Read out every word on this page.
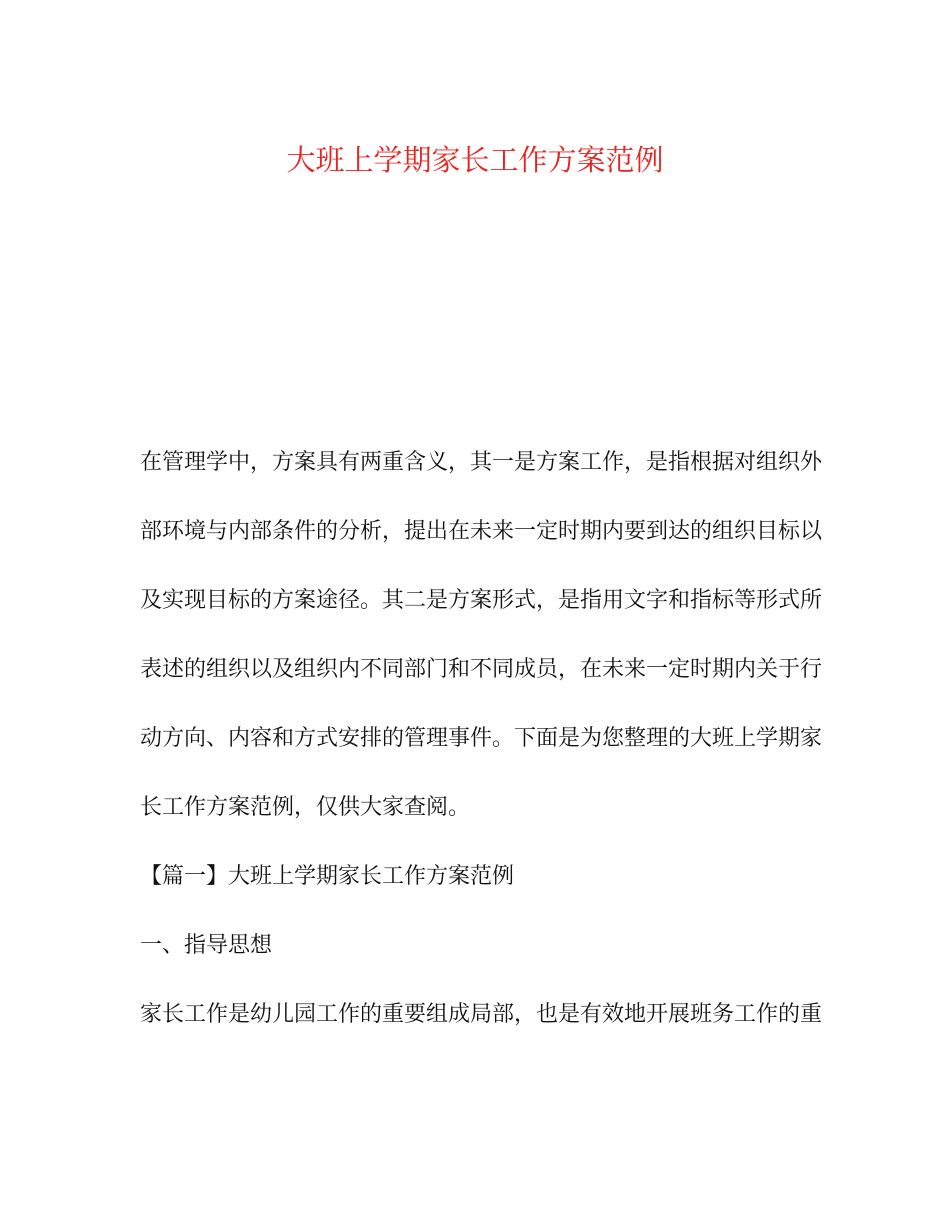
大班上学期家长工作方案范例
在管理学中，方案具有两重含义，其一是方案工作，是指根据对组织外
部环境与内部条件的分析，提出在未来一定时期内要到达的组织目标以
及实现目标的方案途径。其二是方案形式，是指用文字和指标等形式所
表述的组织以及组织内不同部门和不同成员，在未来一定时期内关于行
动方向、内容和方式安排的管理事件。下面是为您整理的大班上学期家
长工作方案范例，仅供大家查阅。
【篇一】大班上学期家长工作方案范例
一、指导思想
家长工作是幼儿园工作的重要组成局部，也是有效地开展班务工作的重
